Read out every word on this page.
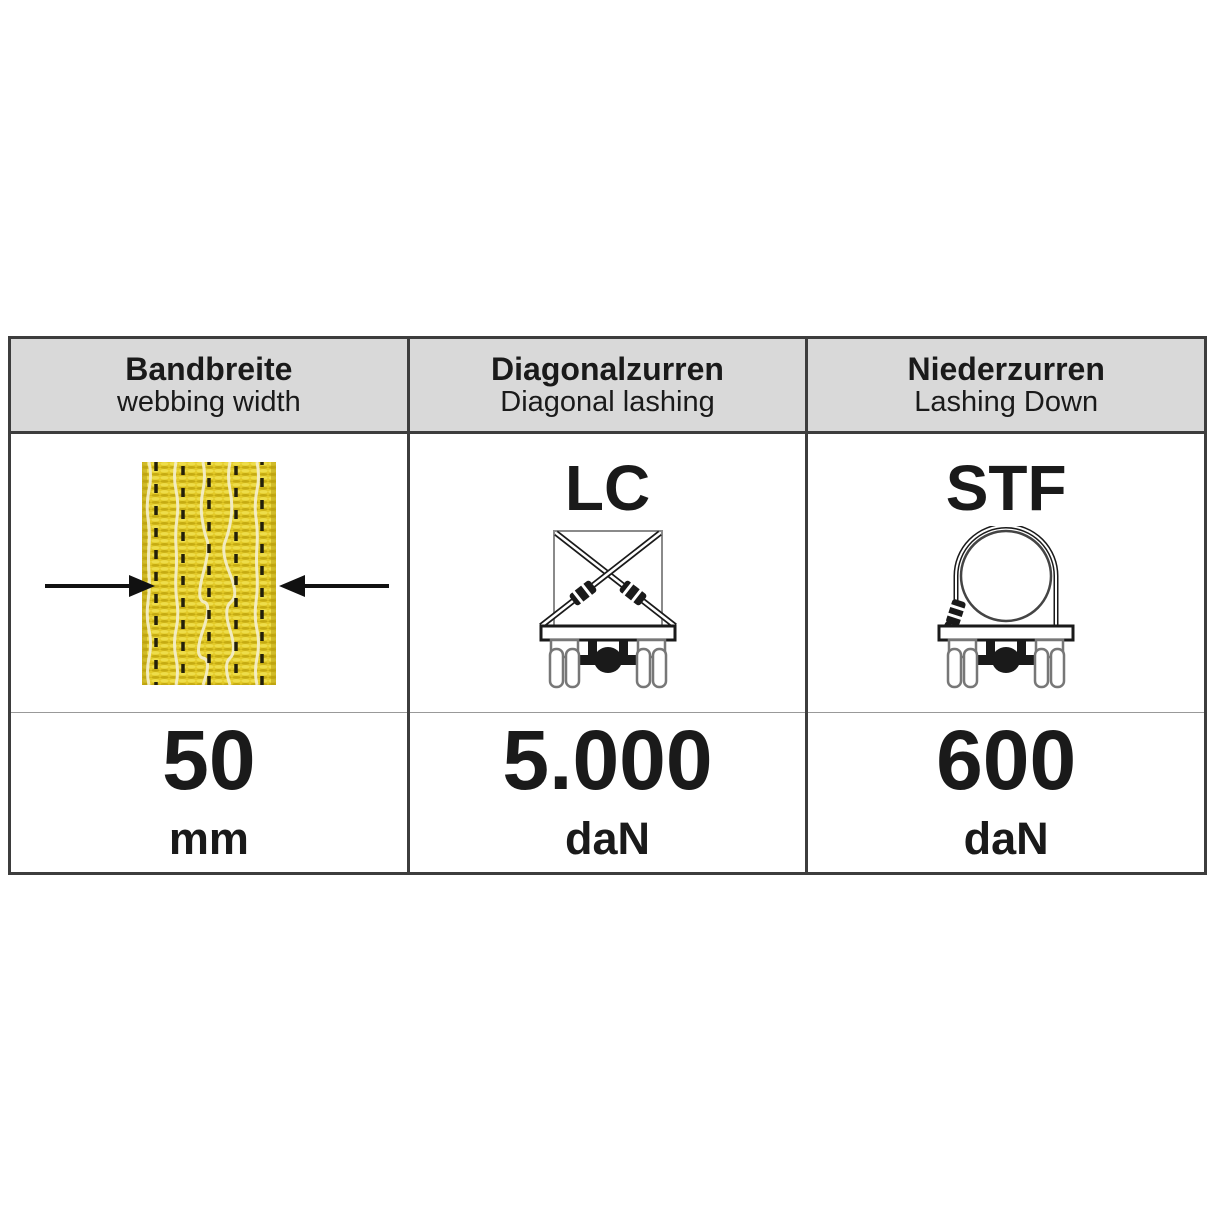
Bandbreite
webbing width
50
mm
Diagonalzurren
Diagonal lashing
LC
5.000
daN
Niederzurren
Lashing Down
STF
600
daN
